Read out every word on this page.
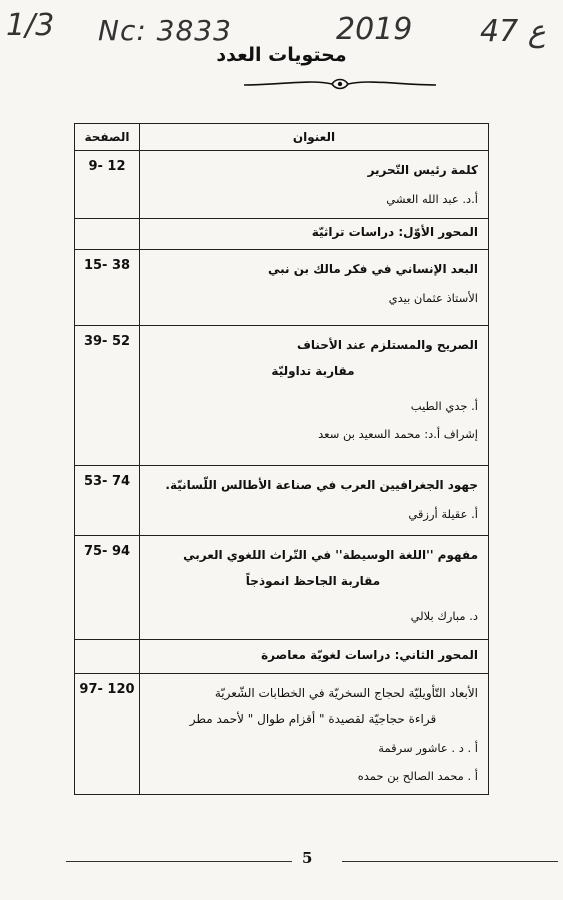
1/3 Nc: 3833	2019 ع 47
محتويات العدد
العنوان	الصفحة

كلمة رئيس التّحرير
أ.د. عبد الله العشي	9- 12

المحور الأوّل: دراسات تراثيّة	

البعد الإنساني في فكر مالك بن نبي
الأستاذ عثمان بيدي	15- 38

الصريح والمستلزم عند الأحناف
مقاربة تداوليّة
أ. جدي الطيب
إشراف أ.د: محمد السعيد بن سعد	39- 52

جهود الجغرافيين العرب في صناعة الأطالس اللّسانيّة.
أ. عقيلة أرزقي	53- 74

مفهوم ''اللغة الوسيطة'' في التّراث اللغوي العربي
مقاربة الجاحظ انموذجاً
د. مبارك بلالي	75- 94

المحور الثاني: دراسات لغويّة معاصرة	

الأبعاد التّأويليّة لحجاج السخريّة في الخطابات الشّعريّة
قراءة حجاجيّة لقصيدة " أقزام طوال " لأحمد مطر
أ . د . عاشور سرقمة
أ . محمد الصالح بن حمده	97- 120
5
